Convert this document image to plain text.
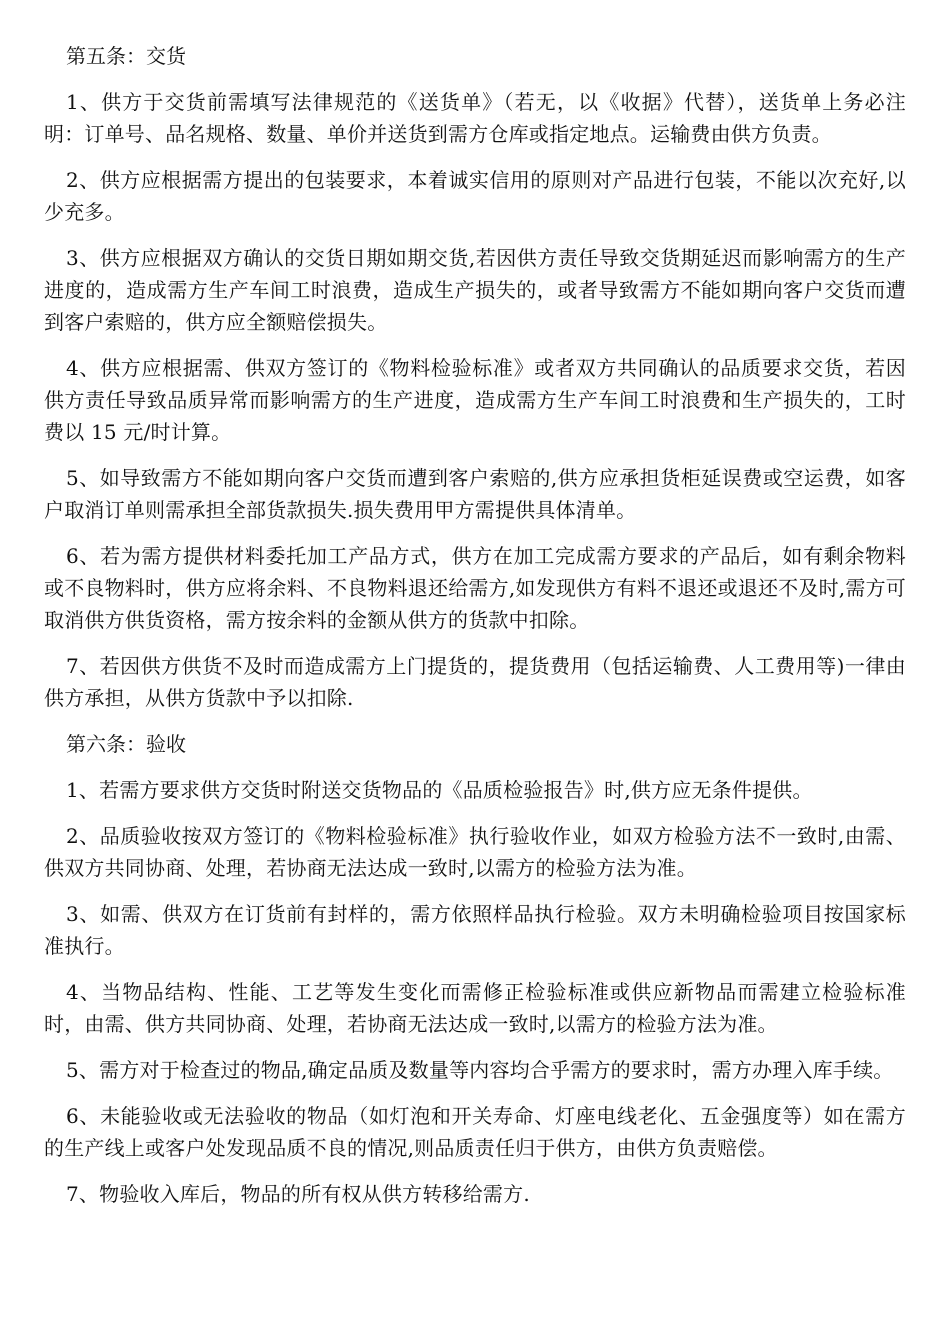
第五条：交货

1、供方于交货前需填写法律规范的《送货单》（若无，以《收据》代替），送货单上务必注明：订单号、品名规格、数量、单价并送货到需方仓库或指定地点。运输费由供方负责。

2、供方应根据需方提出的包装要求，本着诚实信用的原则对产品进行包装，不能以次充好,以少充多。

3、供方应根据双方确认的交货日期如期交货,若因供方责任导致交货期延迟而影响需方的生产进度的，造成需方生产车间工时浪费，造成生产损失的，或者导致需方不能如期向客户交货而遭到客户索赔的，供方应全额赔偿损失。

4、供方应根据需、供双方签订的《物料检验标准》或者双方共同确认的品质要求交货，若因供方责任导致品质异常而影响需方的生产进度，造成需方生产车间工时浪费和生产损失的，工时费以 15 元/时计算。

5、如导致需方不能如期向客户交货而遭到客户索赔的,供方应承担货柜延误费或空运费，如客户取消订单则需承担全部货款损失.损失费用甲方需提供具体清单。

6、若为需方提供材料委托加工产品方式，供方在加工完成需方要求的产品后，如有剩余物料或不良物料时，供方应将余料、不良物料退还给需方,如发现供方有料不退还或退还不及时,需方可取消供方供货资格，需方按余料的金额从供方的货款中扣除。

7、若因供方供货不及时而造成需方上门提货的，提货费用（包括运输费、人工费用等)一律由供方承担，从供方货款中予以扣除.

第六条：验收

1、若需方要求供方交货时附送交货物品的《品质检验报告》时,供方应无条件提供。

2、品质验收按双方签订的《物料检验标准》执行验收作业，如双方检验方法不一致时,由需、供双方共同协商、处理，若协商无法达成一致时,以需方的检验方法为准。

3、如需、供双方在订货前有封样的，需方依照样品执行检验。双方未明确检验项目按国家标准执行。

4、当物品结构、性能、工艺等发生变化而需修正检验标准或供应新物品而需建立检验标准时，由需、供方共同协商、处理，若协商无法达成一致时,以需方的检验方法为准。

5、需方对于检查过的物品,确定品质及数量等内容均合乎需方的要求时，需方办理入库手续。

6、未能验收或无法验收的物品（如灯泡和开关寿命、灯座电线老化、五金强度等）如在需方的生产线上或客户处发现品质不良的情况,则品质责任归于供方，由供方负责赔偿。

7、物验收入库后，物品的所有权从供方转移给需方.
